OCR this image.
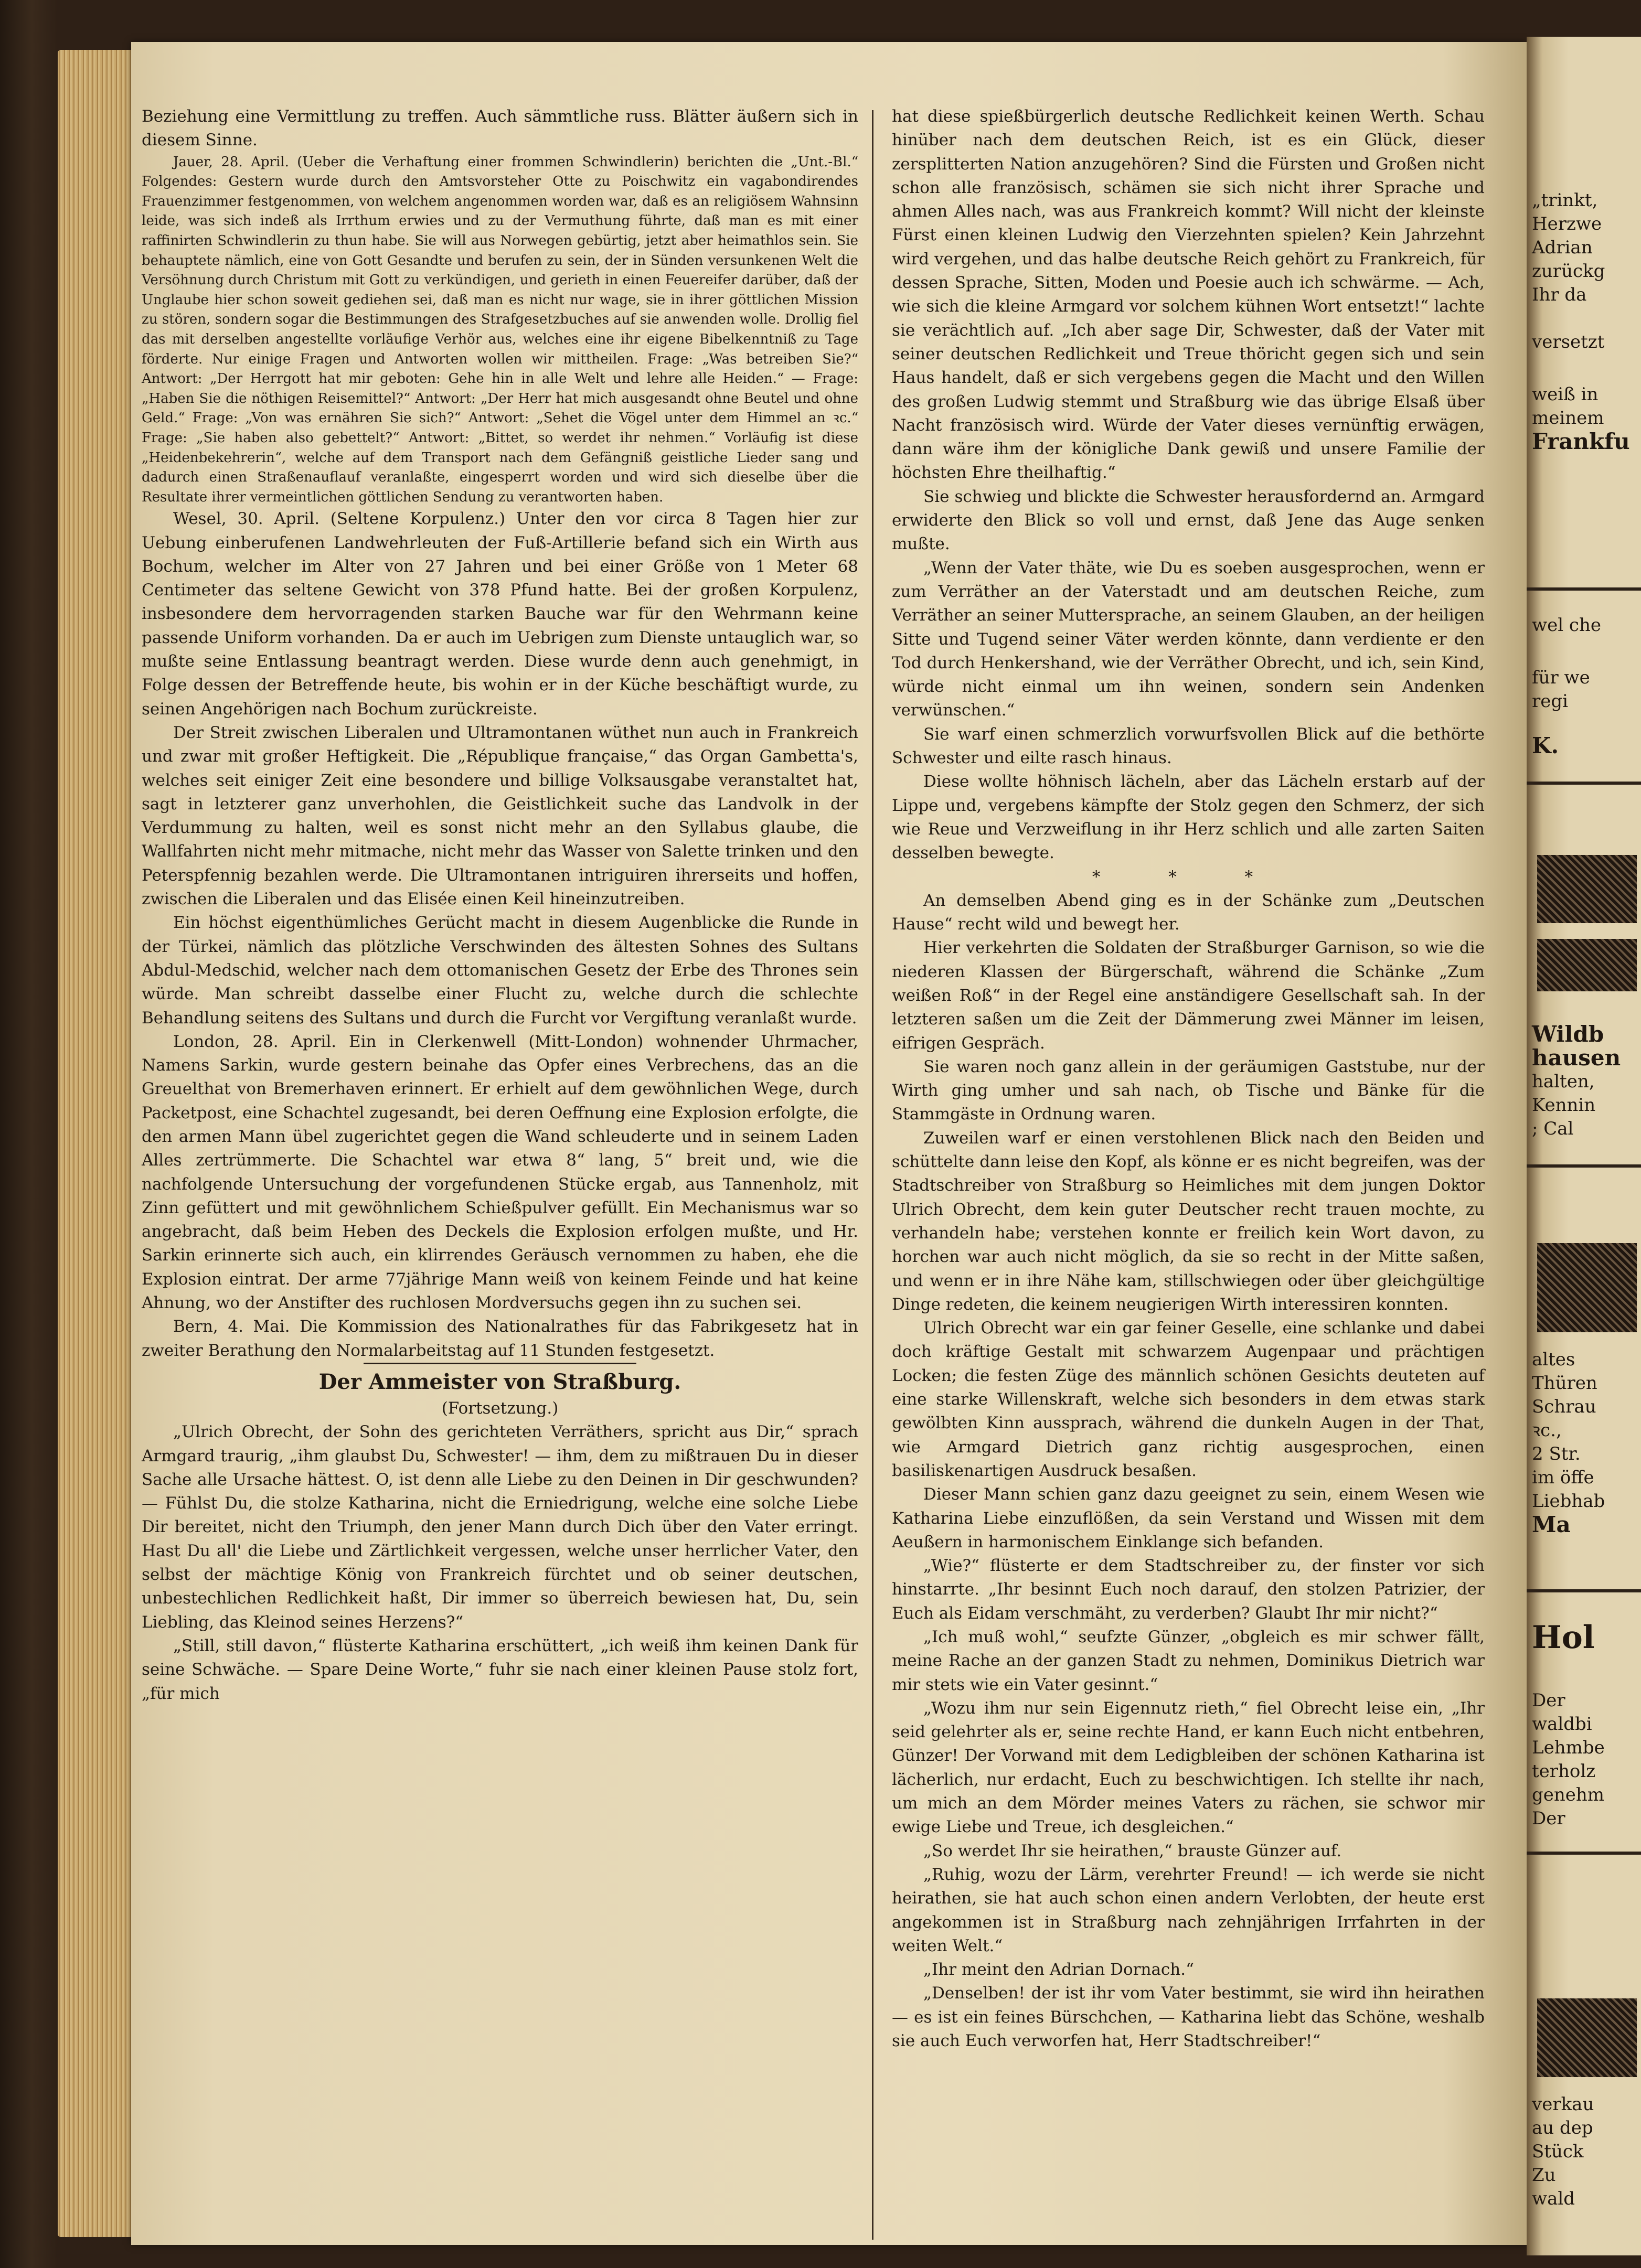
Beziehung eine Vermittlung zu treffen. Auch sämmtliche russ. Blätter äußern sich in diesem Sinne.

Jauer, 28. April. (Ueber die Verhaftung einer frommen Schwindlerin) berichten die „Unt.-Bl.“ Folgendes: Gestern wurde durch den Amtsvorsteher Otte zu Poischwitz ein vagabondirendes Frauenzimmer festgenommen, von welchem angenommen worden war, daß es an religiösem Wahnsinn leide, was sich indeß als Irrthum erwies und zu der Vermuthung führte, daß man es mit einer raffinirten Schwindlerin zu thun habe. Sie will aus Norwegen gebürtig, jetzt aber heimathlos sein. Sie behauptete nämlich, eine von Gott Gesandte und berufen zu sein, der in Sünden versunkenen Welt die Versöhnung durch Christum mit Gott zu verkündigen, und gerieth in einen Feuereifer darüber, daß der Unglaube hier schon soweit gediehen sei, daß man es nicht nur wage, sie in ihrer göttlichen Mission zu stören, sondern sogar die Bestimmungen des Strafgesetzbuches auf sie anwenden wolle. Drollig fiel das mit derselben angestellte vorläufige Verhör aus, welches eine ihr eigene Bibelkenntniß zu Tage förderte. Nur einige Fragen und Antworten wollen wir mittheilen. Frage: „Was betreiben Sie?“ Antwort: „Der Herrgott hat mir geboten: Gehe hin in alle Welt und lehre alle Heiden.“ — Frage: „Haben Sie die nöthigen Reisemittel?“ Antwort: „Der Herr hat mich ausgesandt ohne Beutel und ohne Geld.“ Frage: „Von was ernähren Sie sich?“ Antwort: „Sehet die Vögel unter dem Himmel an ꝛc.“ Frage: „Sie haben also gebettelt?“ Antwort: „Bittet, so werdet ihr nehmen.“ Vorläufig ist diese „Heidenbekehrerin“, welche auf dem Transport nach dem Gefängniß geistliche Lieder sang und dadurch einen Straßenauflauf veranlaßte, eingesperrt worden und wird sich dieselbe über die Resultate ihrer vermeintlichen göttlichen Sendung zu verantworten haben.

Wesel, 30. April. (Seltene Korpulenz.) Unter den vor circa 8 Tagen hier zur Uebung einberufenen Landwehrleuten der Fuß-Artillerie befand sich ein Wirth aus Bochum, welcher im Alter von 27 Jahren und bei einer Größe von 1 Meter 68 Centimeter das seltene Gewicht von 378 Pfund hatte. Bei der großen Korpulenz, insbesondere dem hervorragenden starken Bauche war für den Wehrmann keine passende Uniform vorhanden. Da er auch im Uebrigen zum Dienste untauglich war, so mußte seine Entlassung beantragt werden. Diese wurde denn auch genehmigt, in Folge dessen der Betreffende heute, bis wohin er in der Küche beschäftigt wurde, zu seinen Angehörigen nach Bochum zurückreiste.

Der Streit zwischen Liberalen und Ultramontanen wüthet nun auch in Frankreich und zwar mit großer Heftigkeit. Die „République française,“ das Organ Gambetta's, welches seit einiger Zeit eine besondere und billige Volksausgabe veranstaltet hat, sagt in letzterer ganz unverhohlen, die Geistlichkeit suche das Landvolk in der Verdummung zu halten, weil es sonst nicht mehr an den Syllabus glaube, die Wallfahrten nicht mehr mitmache, nicht mehr das Wasser von Salette trinken und den Peterspfennig bezahlen werde. Die Ultramontanen intriguiren ihrerseits und hoffen, zwischen die Liberalen und das Elisée einen Keil hineinzutreiben.

Ein höchst eigenthümliches Gerücht macht in diesem Augenblicke die Runde in der Türkei, nämlich das plötzliche Verschwinden des ältesten Sohnes des Sultans Abdul-Medschid, welcher nach dem ottomanischen Gesetz der Erbe des Thrones sein würde. Man schreibt dasselbe einer Flucht zu, welche durch die schlechte Behandlung seitens des Sultans und durch die Furcht vor Vergiftung veranlaßt wurde.

London, 28. April. Ein in Clerkenwell (Mitt-London) wohnender Uhrmacher, Namens Sarkin, wurde gestern beinahe das Opfer eines Verbrechens, das an die Greuelthat von Bremerhaven erinnert. Er erhielt auf dem gewöhnlichen Wege, durch Packetpost, eine Schachtel zugesandt, bei deren Oeffnung eine Explosion erfolgte, die den armen Mann übel zugerichtet gegen die Wand schleuderte und in seinem Laden Alles zertrümmerte. Die Schachtel war etwa 8“ lang, 5“ breit und, wie die nachfolgende Untersuchung der vorgefundenen Stücke ergab, aus Tannenholz, mit Zinn gefüttert und mit gewöhnlichem Schießpulver gefüllt. Ein Mechanismus war so angebracht, daß beim Heben des Deckels die Explosion erfolgen mußte, und Hr. Sarkin erinnerte sich auch, ein klirrendes Geräusch vernommen zu haben, ehe die Explosion eintrat. Der arme 77jährige Mann weiß von keinem Feinde und hat keine Ahnung, wo der Anstifter des ruchlosen Mordversuchs gegen ihn zu suchen sei.

Bern, 4. Mai. Die Kommission des Nationalrathes für das Fabrikgesetz hat in zweiter Berathung den Normalarbeitstag auf 11 Stunden festgesetzt.

Der Ammeister von Straßburg.

(Fortsetzung.)

„Ulrich Obrecht, der Sohn des gerichteten Verräthers, spricht aus Dir,“ sprach Armgard traurig, „ihm glaubst Du, Schwester! — ihm, dem zu mißtrauen Du in dieser Sache alle Ursache hättest. O, ist denn alle Liebe zu den Deinen in Dir geschwunden? — Fühlst Du, die stolze Katharina, nicht die Erniedrigung, welche eine solche Liebe Dir bereitet, nicht den Triumph, den jener Mann durch Dich über den Vater erringt. Hast Du all' die Liebe und Zärtlichkeit vergessen, welche unser herrlicher Vater, den selbst der mächtige König von Frankreich fürchtet und ob seiner deutschen, unbestechlichen Redlichkeit haßt, Dir immer so überreich bewiesen hat, Du, sein Liebling, das Kleinod seines Herzens?“

„Still, still davon,“ flüsterte Katharina erschüttert, „ich weiß ihm keinen Dank für seine Schwäche. — Spare Deine Worte,“ fuhr sie nach einer kleinen Pause stolz fort, „für mich

hat diese spießbürgerlich deutsche Redlichkeit keinen Werth. Schau hinüber nach dem deutschen Reich, ist es ein Glück, dieser zersplitterten Nation anzugehören? Sind die Fürsten und Großen nicht schon alle französisch, schämen sie sich nicht ihrer Sprache und ahmen Alles nach, was aus Frankreich kommt? Will nicht der kleinste Fürst einen kleinen Ludwig den Vierzehnten spielen? Kein Jahrzehnt wird vergehen, und das halbe deutsche Reich gehört zu Frankreich, für dessen Sprache, Sitten, Moden und Poesie auch ich schwärme. — Ach, wie sich die kleine Armgard vor solchem kühnen Wort entsetzt!“ lachte sie verächtlich auf. „Ich aber sage Dir, Schwester, daß der Vater mit seiner deutschen Redlichkeit und Treue thöricht gegen sich und sein Haus handelt, daß er sich vergebens gegen die Macht und den Willen des großen Ludwig stemmt und Straßburg wie das übrige Elsaß über Nacht französisch wird. Würde der Vater dieses vernünftig erwägen, dann wäre ihm der königliche Dank gewiß und unsere Familie der höchsten Ehre theilhaftig.“

Sie schwieg und blickte die Schwester herausfordernd an. Armgard erwiderte den Blick so voll und ernst, daß Jene das Auge senken mußte.

„Wenn der Vater thäte, wie Du es soeben ausgesprochen, wenn er zum Verräther an der Vaterstadt und am deutschen Reiche, zum Verräther an seiner Muttersprache, an seinem Glauben, an der heiligen Sitte und Tugend seiner Väter werden könnte, dann verdiente er den Tod durch Henkershand, wie der Verräther Obrecht, und ich, sein Kind, würde nicht einmal um ihn weinen, sondern sein Andenken verwünschen.“

Sie warf einen schmerzlich vorwurfsvollen Blick auf die bethörte Schwester und eilte rasch hinaus.

Diese wollte höhnisch lächeln, aber das Lächeln erstarb auf der Lippe und, vergebens kämpfte der Stolz gegen den Schmerz, der sich wie Reue und Verzweiflung in ihr Herz schlich und alle zarten Saiten desselben bewegte.

* * *

An demselben Abend ging es in der Schänke zum „Deutschen Hause“ recht wild und bewegt her.

Hier verkehrten die Soldaten der Straßburger Garnison, so wie die niederen Klassen der Bürgerschaft, während die Schänke „Zum weißen Roß“ in der Regel eine anständigere Gesellschaft sah. In der letzteren saßen um die Zeit der Dämmerung zwei Männer im leisen, eifrigen Gespräch.

Sie waren noch ganz allein in der geräumigen Gaststube, nur der Wirth ging umher und sah nach, ob Tische und Bänke für die Stammgäste in Ordnung waren.

Zuweilen warf er einen verstohlenen Blick nach den Beiden und schüttelte dann leise den Kopf, als könne er es nicht begreifen, was der Stadtschreiber von Straßburg so Heimliches mit dem jungen Doktor Ulrich Obrecht, dem kein guter Deutscher recht trauen mochte, zu verhandeln habe; verstehen konnte er freilich kein Wort davon, zu horchen war auch nicht möglich, da sie so recht in der Mitte saßen, und wenn er in ihre Nähe kam, stillschwiegen oder über gleichgültige Dinge redeten, die keinem neugierigen Wirth interessiren konnten.

Ulrich Obrecht war ein gar feiner Geselle, eine schlanke und dabei doch kräftige Gestalt mit schwarzem Augenpaar und prächtigen Locken; die festen Züge des männlich schönen Gesichts deuteten auf eine starke Willenskraft, welche sich besonders in dem etwas stark gewölbten Kinn aussprach, während die dunkeln Augen in der That, wie Armgard Dietrich ganz richtig ausgesprochen, einen basiliskenartigen Ausdruck besaßen.

Dieser Mann schien ganz dazu geeignet zu sein, einem Wesen wie Katharina Liebe einzuflößen, da sein Verstand und Wissen mit dem Aeußern in harmonischem Einklange sich befanden.

„Wie?“ flüsterte er dem Stadtschreiber zu, der finster vor sich hinstarrte. „Ihr besinnt Euch noch darauf, den stolzen Patrizier, der Euch als Eidam verschmäht, zu verderben? Glaubt Ihr mir nicht?“

„Ich muß wohl,“ seufzte Günzer, „obgleich es mir schwer fällt, meine Rache an der ganzen Stadt zu nehmen, Dominikus Dietrich war mir stets wie ein Vater gesinnt.“

„Wozu ihm nur sein Eigennutz rieth,“ fiel Obrecht leise ein, „Ihr seid gelehrter als er, seine rechte Hand, er kann Euch nicht entbehren, Günzer! Der Vorwand mit dem Ledigbleiben der schönen Katharina ist lächerlich, nur erdacht, Euch zu beschwichtigen. Ich stellte ihr nach, um mich an dem Mörder meines Vaters zu rächen, sie schwor mir ewige Liebe und Treue, ich desgleichen.“

„So werdet Ihr sie heirathen,“ brauste Günzer auf.

„Ruhig, wozu der Lärm, verehrter Freund! — ich werde sie nicht heirathen, sie hat auch schon einen andern Verlobten, der heute erst angekommen ist in Straßburg nach zehnjährigen Irrfahrten in der weiten Welt.“

„Ihr meint den Adrian Dornach.“

„Denselben! der ist ihr vom Vater bestimmt, sie wird ihn heirathen — es ist ein feines Bürschchen, — Katharina liebt das Schöne, weshalb sie auch Euch verworfen hat, Herr Stadtschreiber!“

„trinkt,
Herzwe
Adrian
zurückg
Ihr da
versetzt
weiß in
meinem
Frankfu
wel che
für we
regi
K.
Wildb
hausen
halten,
Kennin
; Cal
altes
Thüren
Schrau
ꝛc.,
2 Str.
im öffe
Liebhab
Ma
Hol
Der
waldbi
Lehmbe
terholz
genehm
Der
verkau
au dep
Stück
Zu
wald
